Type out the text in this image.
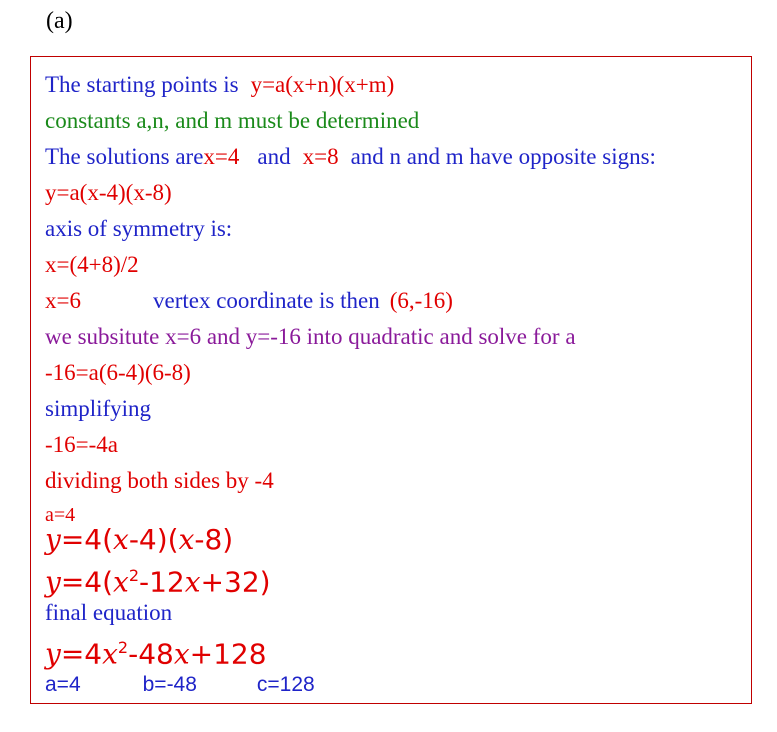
(a)
The starting points is y=a(x+n)(x+m)
constants a,n, and m must be determined
The solutions arex=4 and x=8 and n and m have opposite signs:
y=a(x-4)(x-8)
axis of symmetry is:
x=(4+8)/2
x=6	vertex coordinate is then (6,-16)
we subsitute x=6 and y=-16 into quadratic and solve for a
-16=a(6-4)(6-8)
simplifying
-16=-4a
dividing both sides by -4
a=4
y=4(x-4)(x-8)
$y=4(x^2-12x+32)$
final equation
$y=4x^2-48x+128$
a=4	b=-48	c=128
